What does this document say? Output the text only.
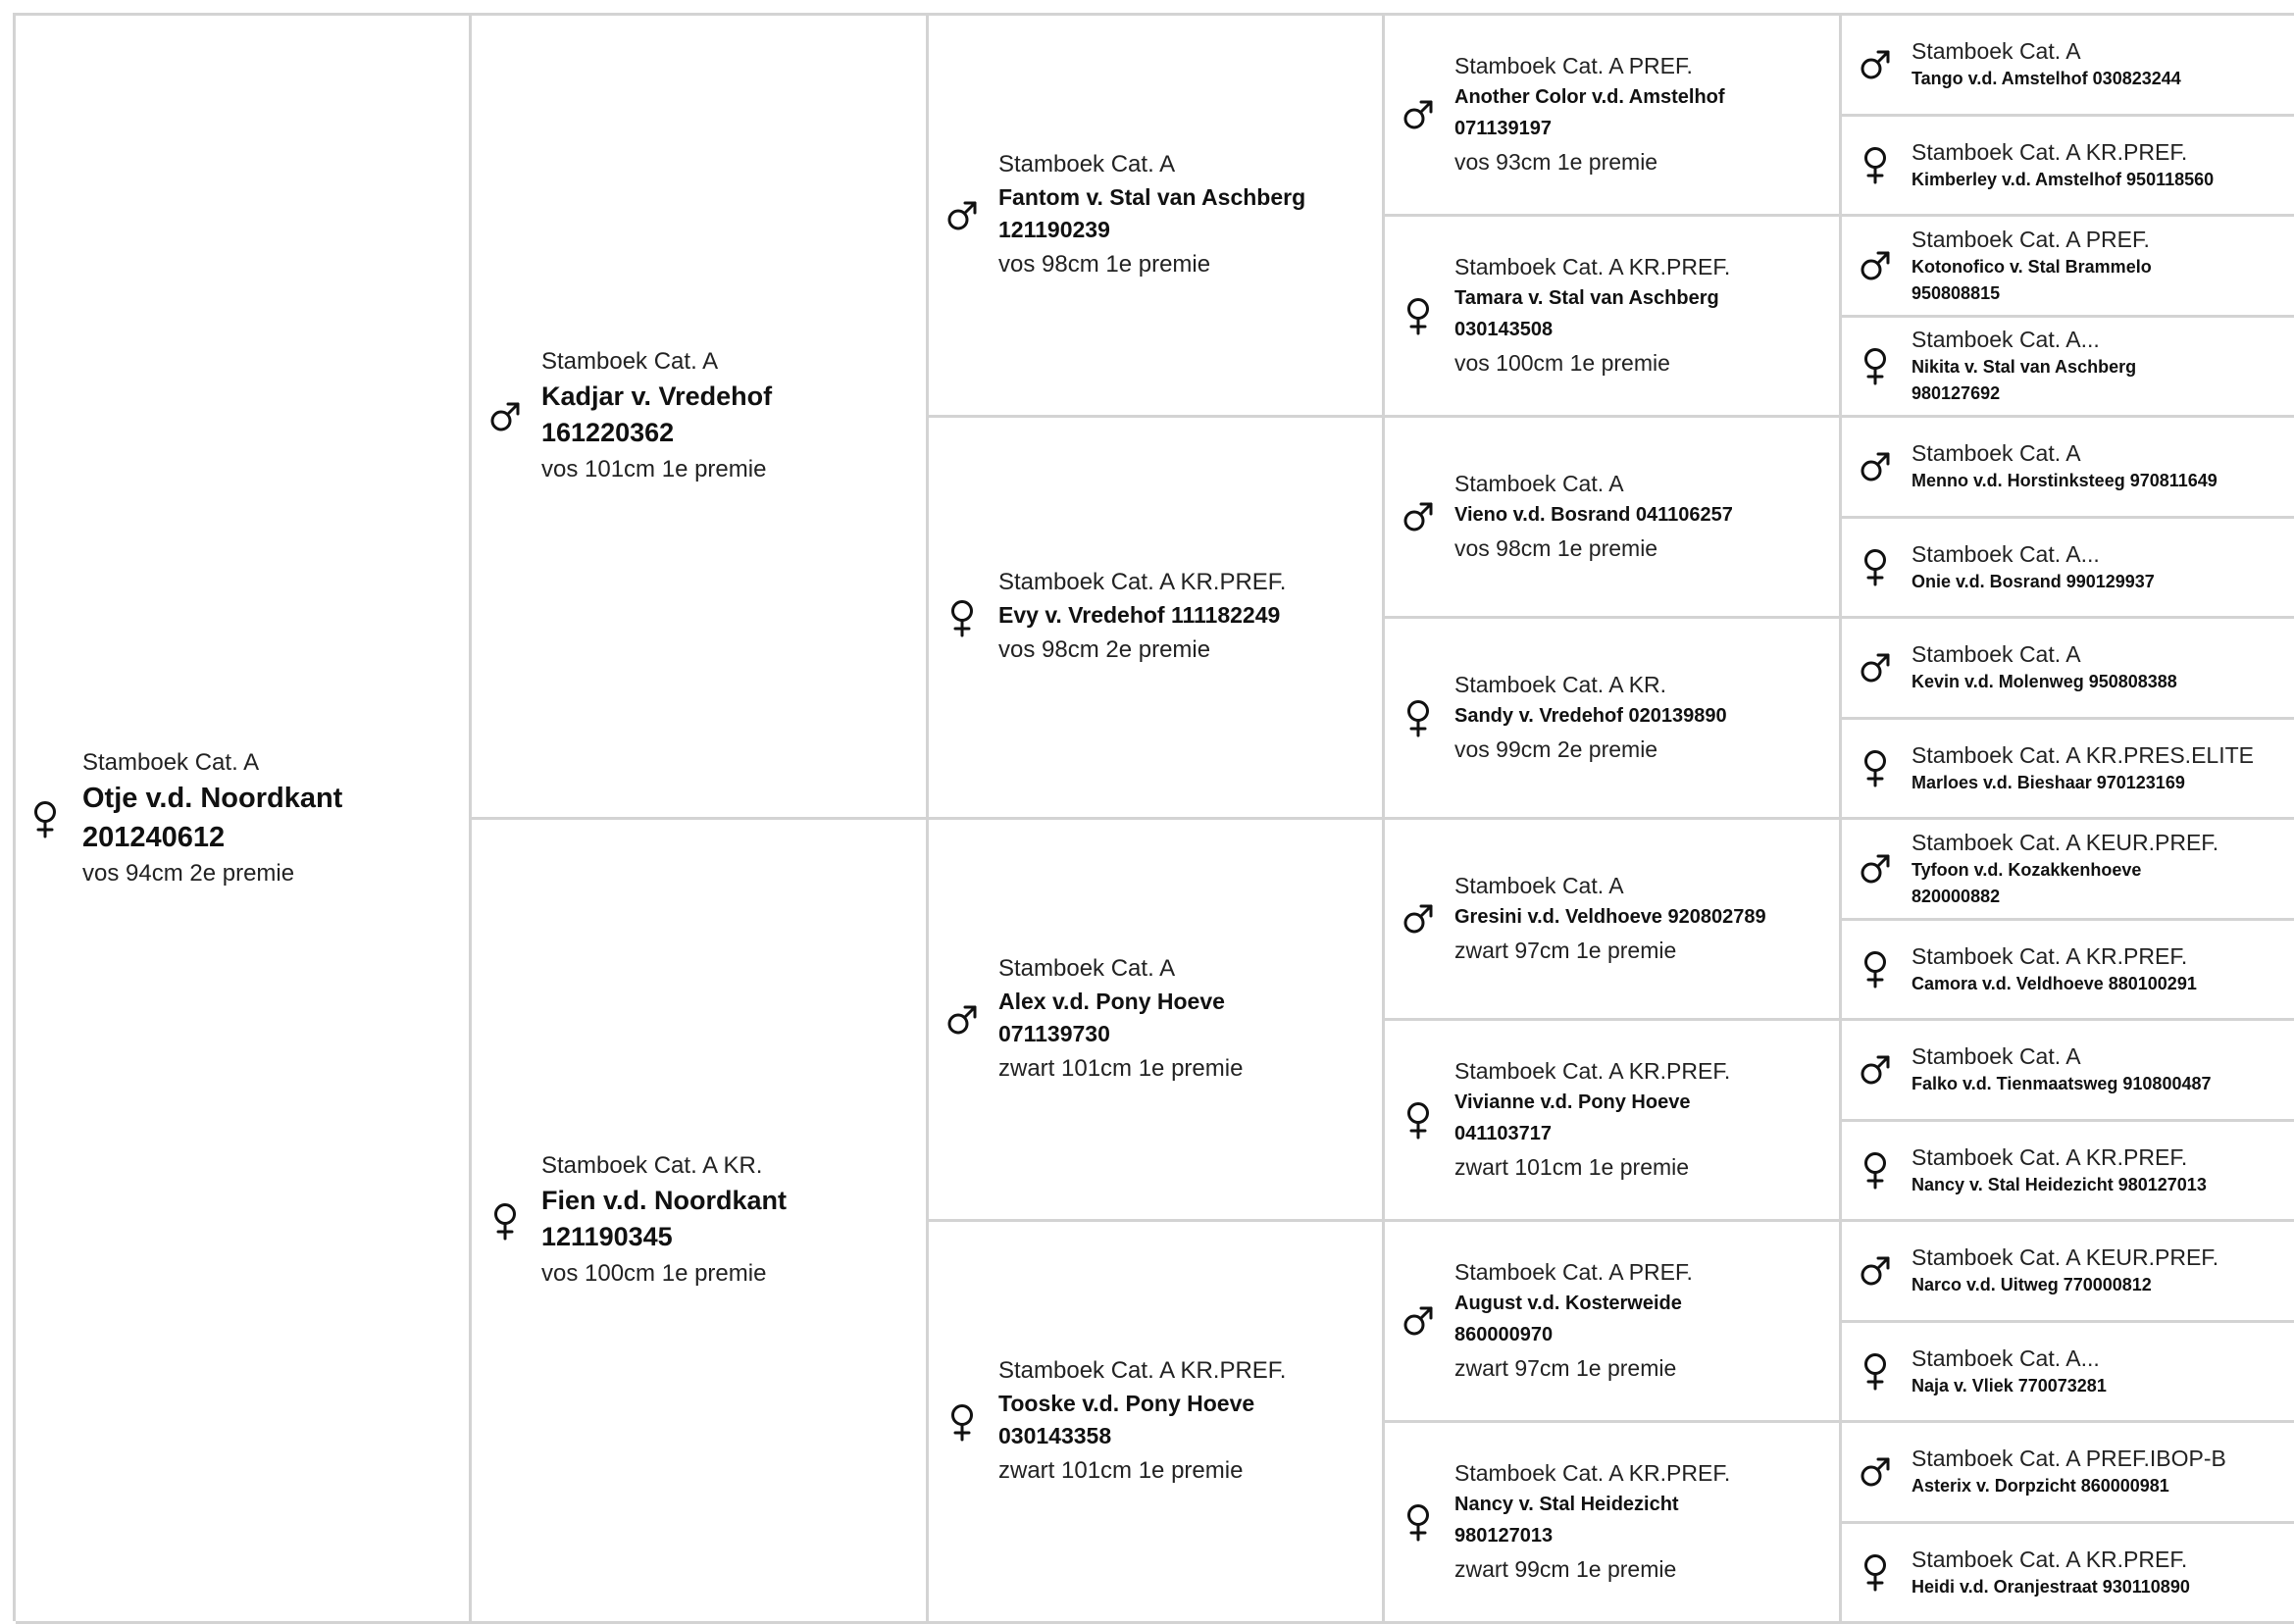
Stamboek Cat. A
Otje v.d. Noordkant
201240612
vos 94cm 2e premie
Stamboek Cat. A
Kadjar v. Vredehof
161220362
vos 101cm 1e premie
Stamboek Cat. A KR.
Fien v.d. Noordkant
121190345
vos 100cm 1e premie
Stamboek Cat. A
Fantom v. Stal van Aschberg
121190239
vos 98cm 1e premie
Stamboek Cat. A KR.PREF.
Evy v. Vredehof 111182249
vos 98cm 2e premie
Stamboek Cat. A
Alex v.d. Pony Hoeve
071139730
zwart 101cm 1e premie
Stamboek Cat. A KR.PREF.
Tooske v.d. Pony Hoeve
030143358
zwart 101cm 1e premie
Stamboek Cat. A PREF.
Another Color v.d. Amstelhof
071139197
vos 93cm 1e premie
Stamboek Cat. A KR.PREF.
Tamara v. Stal van Aschberg
030143508
vos 100cm 1e premie
Stamboek Cat. A
Vieno v.d. Bosrand 041106257
vos 98cm 1e premie
Stamboek Cat. A KR.
Sandy v. Vredehof 020139890
vos 99cm 2e premie
Stamboek Cat. A
Gresini v.d. Veldhoeve 920802789
zwart 97cm 1e premie
Stamboek Cat. A KR.PREF.
Vivianne v.d. Pony Hoeve
041103717
zwart 101cm 1e premie
Stamboek Cat. A PREF.
August v.d. Kosterweide
860000970
zwart 97cm 1e premie
Stamboek Cat. A KR.PREF.
Nancy v. Stal Heidezicht
980127013
zwart 99cm 1e premie
Stamboek Cat. A
Tango v.d. Amstelhof 030823244
Stamboek Cat. A KR.PREF.
Kimberley v.d. Amstelhof 950118560
Stamboek Cat. A PREF.
Kotonofico v. Stal Brammelo
950808815
Stamboek Cat. A...
Nikita v. Stal van Aschberg
980127692
Stamboek Cat. A
Menno v.d. Horstinksteeg 970811649
Stamboek Cat. A...
Onie v.d. Bosrand 990129937
Stamboek Cat. A
Kevin v.d. Molenweg 950808388
Stamboek Cat. A KR.PRES.ELITE
Marloes v.d. Bieshaar 970123169
Stamboek Cat. A KEUR.PREF.
Tyfoon v.d. Kozakkenhoeve
820000882
Stamboek Cat. A KR.PREF.
Camora v.d. Veldhoeve 880100291
Stamboek Cat. A
Falko v.d. Tienmaatsweg 910800487
Stamboek Cat. A KR.PREF.
Nancy v. Stal Heidezicht 980127013
Stamboek Cat. A KEUR.PREF.
Narco v.d. Uitweg 770000812
Stamboek Cat. A...
Naja v. Vliek 770073281
Stamboek Cat. A PREF.IBOP-B
Asterix v. Dorpzicht 860000981
Stamboek Cat. A KR.PREF.
Heidi v.d. Oranjestraat 930110890
